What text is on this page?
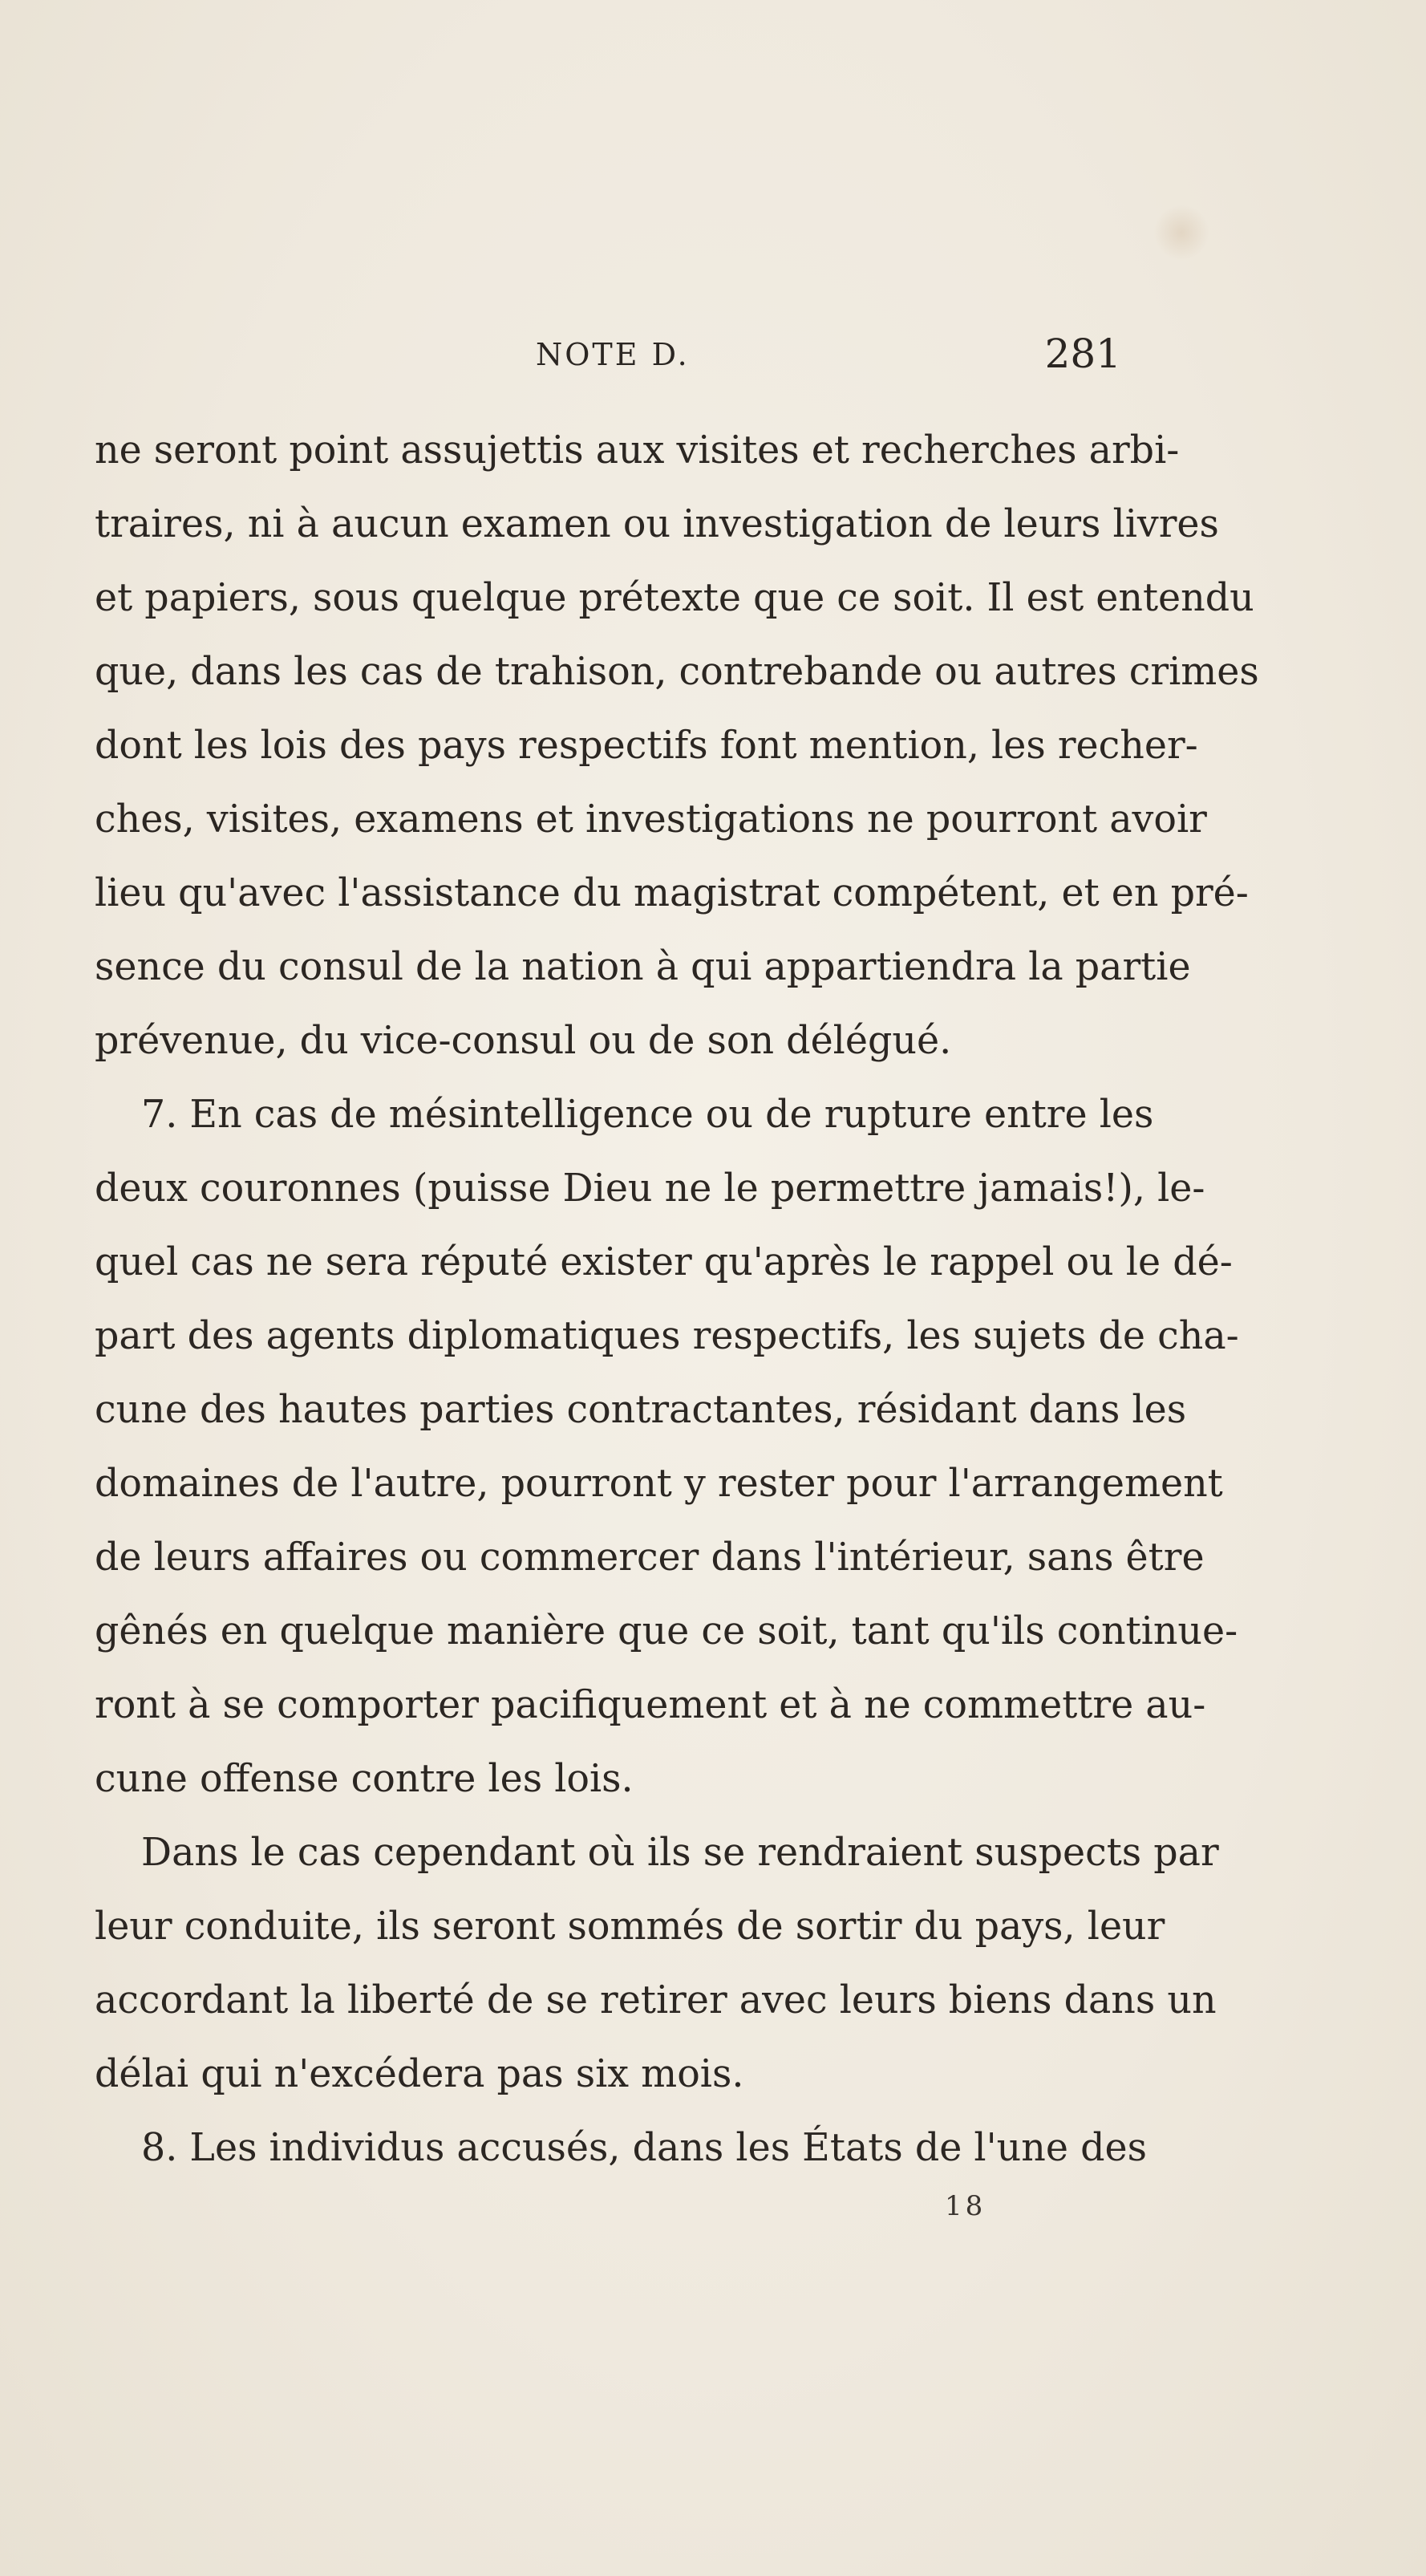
NOTE D.	281
ne seront point assujettis aux visites et recherches arbi-
traires, ni à aucun examen ou investigation de leurs livres
et papiers, sous quelque prétexte que ce soit. Il est entendu
que, dans les cas de trahison, contrebande ou autres crimes
dont les lois des pays respectifs font mention, les recher-
ches, visites, examens et investigations ne pourront avoir
lieu qu'avec l'assistance du magistrat compétent, et en pré-
sence du consul de la nation à qui appartiendra la partie
prévenue, du vice-consul ou de son délégué.
7. En cas de mésintelligence ou de rupture entre les
deux couronnes (puisse Dieu ne le permettre jamais!), le-
quel cas ne sera réputé exister qu'après le rappel ou le dé-
part des agents diplomatiques respectifs, les sujets de cha-
cune des hautes parties contractantes, résidant dans les
domaines de l'autre, pourront y rester pour l'arrangement
de leurs affaires ou commercer dans l'intérieur, sans être
gênés en quelque manière que ce soit, tant qu'ils continue-
ront à se comporter pacifiquement et à ne commettre au-
cune offense contre les lois.
Dans le cas cependant où ils se rendraient suspects par
leur conduite, ils seront sommés de sortir du pays, leur
accordant la liberté de se retirer avec leurs biens dans un
délai qui n'excédera pas six mois.
8. Les individus accusés, dans les États de l'une des
18
